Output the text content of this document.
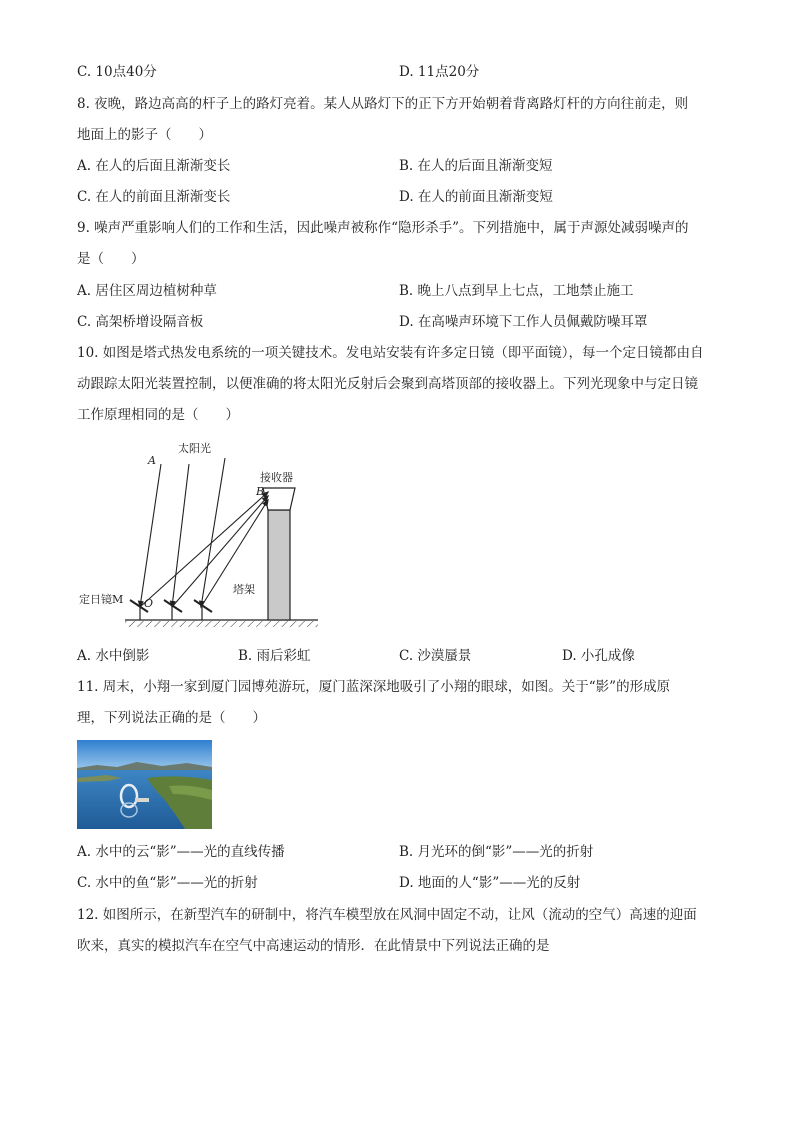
C. 10点40分	D. 11点20分
8. 夜晚，路边高高的杆子上的路灯亮着。某人从路灯下的正下方开始朝着背离路灯杆的方向往前走，则
地面上的影子（　　）
A. 在人的后面且渐渐变长	B. 在人的后面且渐渐变短
C. 在人的前面且渐渐变长	D. 在人的前面且渐渐变短
9. 噪声严重影响人们的工作和生活，因此噪声被称作“隐形杀手”。下列措施中，属于声源处减弱噪声的
是（　　）
A. 居住区周边植树种草	B. 晚上八点到早上七点，工地禁止施工
C. 高架桥增设隔音板	D. 在高噪声环境下工作人员佩戴防噪耳罩
10. 如图是塔式热发电系统的一项关键技术。发电站安装有许多定日镜（即平面镜），每一个定日镜都由自
动跟踪太阳光装置控制，以便准确的将太阳光反射后会聚到高塔顶部的接收器上。下列光现象中与定日镜
工作原理相同的是（　　）
太阳光
A
B
接收器
塔架
定日镜M O
A. 水中倒影	B. 雨后彩虹	C. 沙漠蜃景	D. 小孔成像
11. 周末，小翔一家到厦门园博苑游玩，厦门蓝深深地吸引了小翔的眼球，如图。关于“影”的形成原
理，下列说法正确的是（　　）
A. 水中的云“影”——光的直线传播	B. 月光环的倒“影”——光的折射
C. 水中的鱼“影”——光的折射	D. 地面的人“影”——光的反射
12. 如图所示，在新型汽车的研制中，将汽车模型放在风洞中固定不动，让风（流动的空气）高速的迎面
吹来，真实的模拟汽车在空气中高速运动的情形．在此情景中下列说法正确的是
